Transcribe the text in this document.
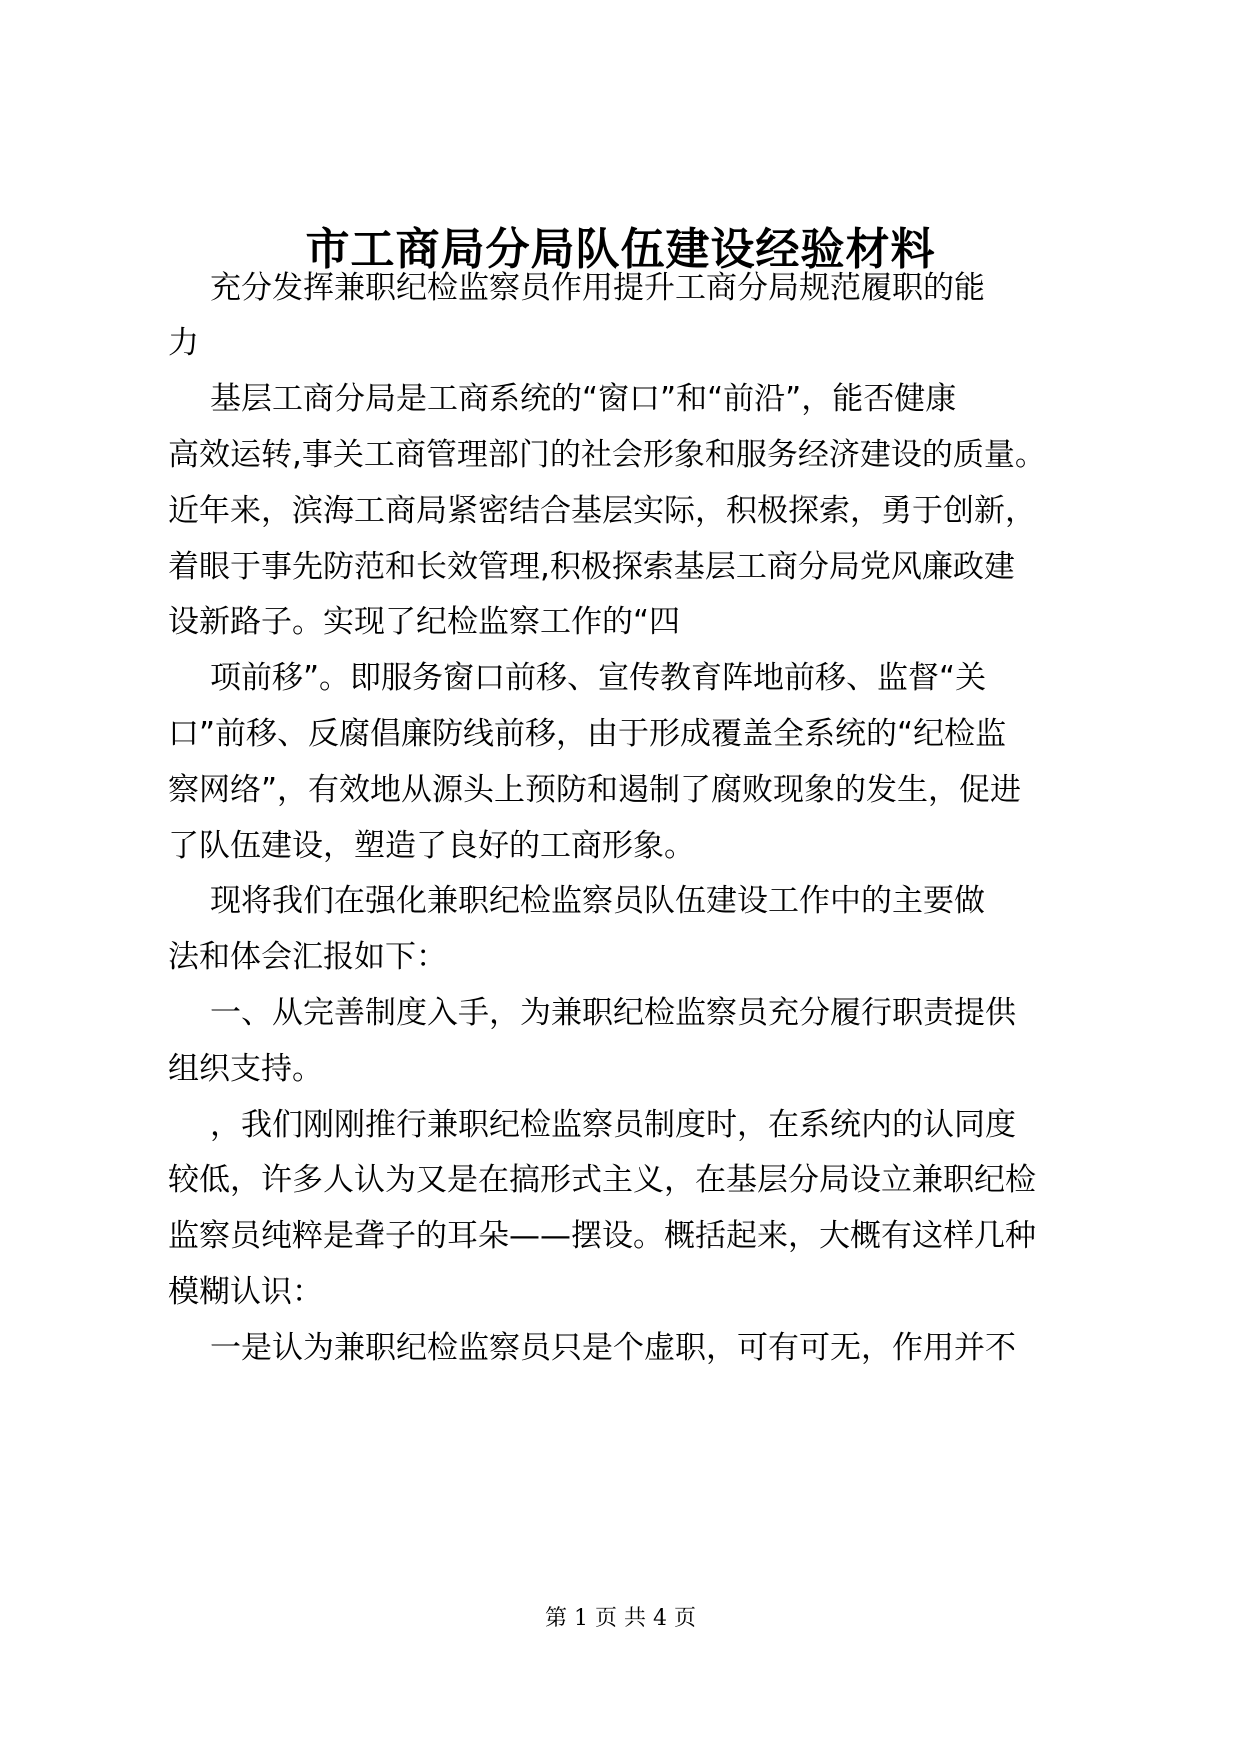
市工商局分局队伍建设经验材料
充分发挥兼职纪检监察员作用提升工商分局规范履职的能
力
基层工商分局是工商系统的“窗口”和“前沿”，能否健康
高效运转,事关工商管理部门的社会形象和服务经济建设的质量。
近年来，滨海工商局紧密结合基层实际，积极探索，勇于创新，
着眼于事先防范和长效管理,积极探索基层工商分局党风廉政建
设新路子。实现了纪检监察工作的“四
项前移”。即服务窗口前移、宣传教育阵地前移、监督“关
口”前移、反腐倡廉防线前移，由于形成覆盖全系统的“纪检监
察网络”，有效地从源头上预防和遏制了腐败现象的发生，促进
了队伍建设，塑造了良好的工商形象。
现将我们在强化兼职纪检监察员队伍建设工作中的主要做
法和体会汇报如下：
一、从完善制度入手，为兼职纪检监察员充分履行职责提供
组织支持。
，我们刚刚推行兼职纪检监察员制度时，在系统内的认同度
较低，许多人认为又是在搞形式主义，在基层分局设立兼职纪检
监察员纯粹是聋子的耳朵——摆设。概括起来，大概有这样几种
模糊认识：
一是认为兼职纪检监察员只是个虚职，可有可无，作用并不
第 1 页 共 4 页
